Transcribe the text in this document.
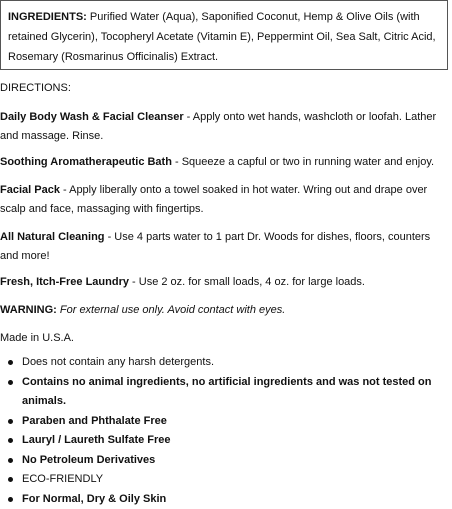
INGREDIENTS: Purified Water (Aqua), Saponified Coconut, Hemp & Olive Oils (with retained Glycerin), Tocopheryl Acetate (Vitamin E), Peppermint Oil, Sea Salt, Citric Acid, Rosemary (Rosmarinus Officinalis) Extract.
DIRECTIONS:
Daily Body Wash & Facial Cleanser - Apply onto wet hands, washcloth or loofah. Lather and massage. Rinse.
Soothing Aromatherapeutic Bath - Squeeze a capful or two in running water and enjoy.
Facial Pack - Apply liberally onto a towel soaked in hot water. Wring out and drape over scalp and face, massaging with fingertips.
All Natural Cleaning - Use 4 parts water to 1 part Dr. Woods for dishes, floors, counters and more!
Fresh, Itch-Free Laundry - Use 2 oz. for small loads, 4 oz. for large loads.
WARNING: For external use only. Avoid contact with eyes.
Made in U.S.A.
Does not contain any harsh detergents.
Contains no animal ingredients, no artificial ingredients and was not tested on animals.
Paraben and Phthalate Free
Lauryl / Laureth Sulfate Free
No Petroleum Derivatives
ECO-FRIENDLY
For Normal, Dry & Oily Skin
